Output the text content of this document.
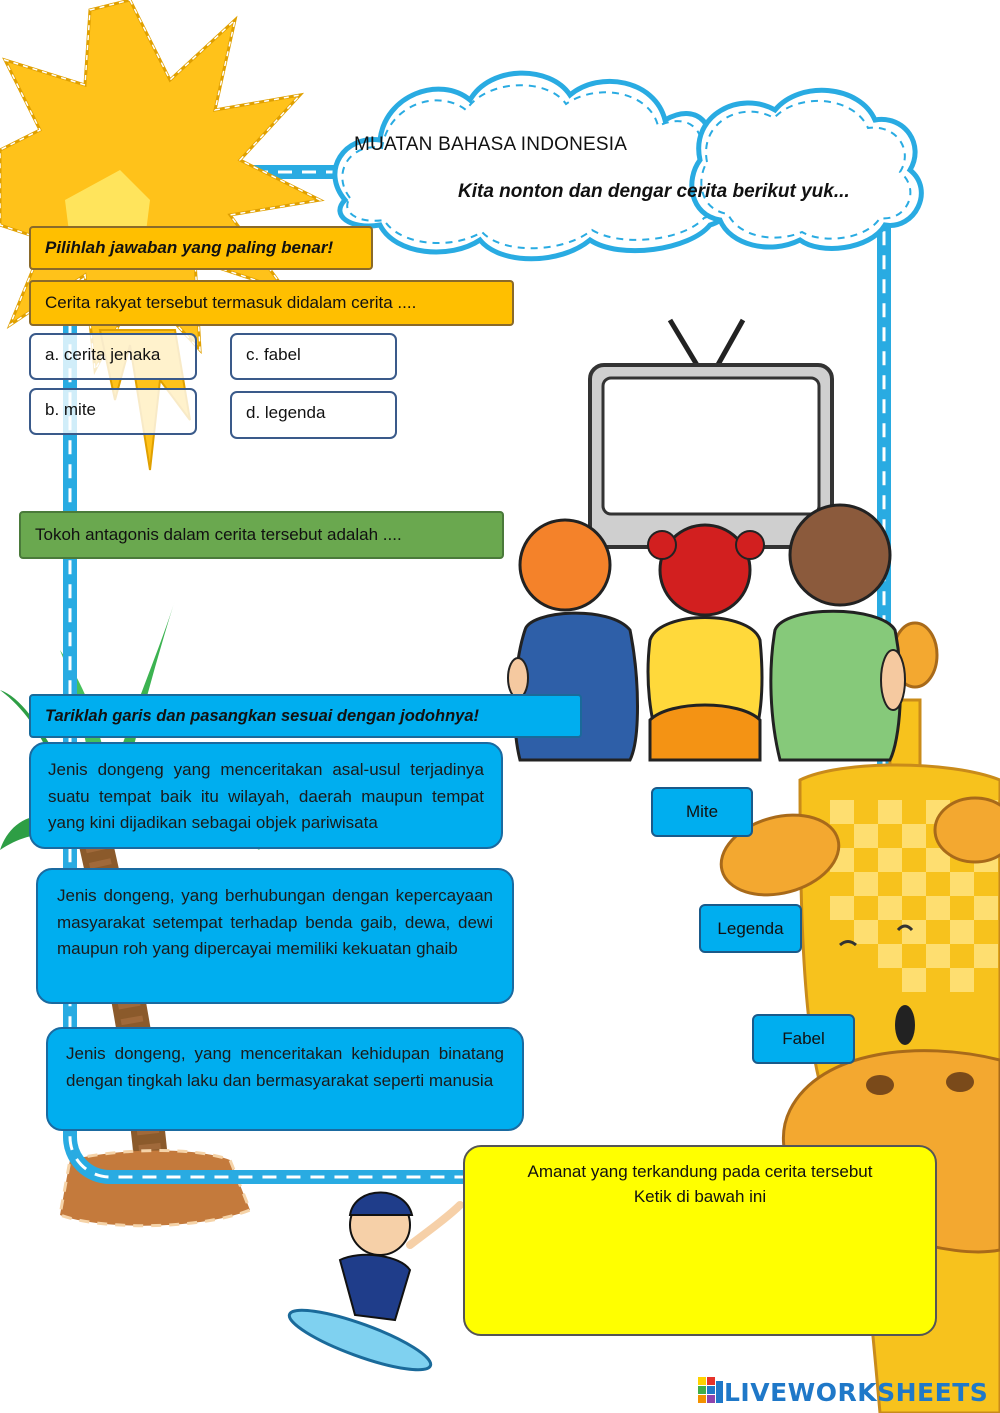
MUATAN BAHASA INDONESIA
Kita nonton dan dengar cerita berikut yuk...
Pilihlah jawaban yang paling benar!
Cerita rakyat tersebut termasuk didalam cerita ....
a. cerita jenaka
b. mite
c. fabel
d. legenda
Tokoh antagonis dalam cerita tersebut adalah ....
Tariklah garis dan pasangkan sesuai dengan jodohnya!
Jenis dongeng yang menceritakan asal-usul terjadinya suatu tempat baik itu wilayah, daerah maupun tempat yang kini dijadikan sebagai objek pariwisata
Jenis dongeng, yang berhubungan dengan kepercayaan masyarakat setempat terhadap benda gaib, dewa, dewi maupun roh yang dipercayai memiliki kekuatan ghaib
Jenis dongeng, yang menceritakan kehidupan binatang dengan tingkah laku dan bermasyarakat seperti manusia
Mite
Legenda
Fabel
Amanat yang terkandung pada cerita tersebut
Ketik di bawah ini
LIVEWORKSHEETS
